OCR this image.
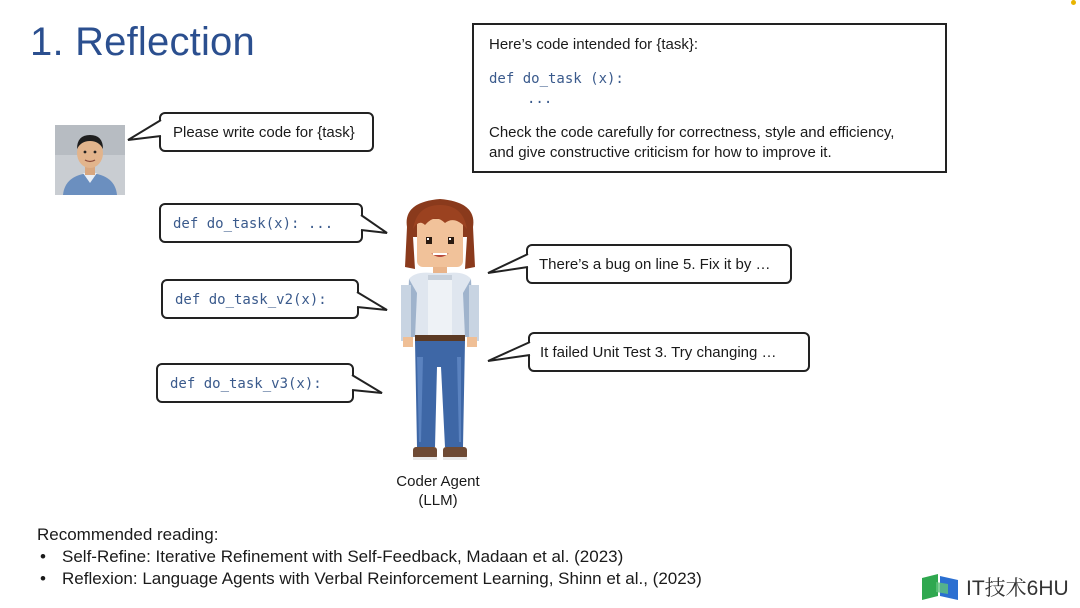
1. Reflection
Please write code for {task}
Here’s code intended for {task}:
def do_task (x):
...
Check the code carefully for correctness, style and efficiency,
and give constructive criticism for how to improve it.
def do_task(x): ...
def do_task_v2(x):
def do_task_v3(x):
There’s a bug on line 5. Fix it by …
It failed Unit Test 3. Try changing …
Coder Agent
(LLM)
Recommended reading:
• Self-Refine: Iterative Refinement with Self-Feedback, Madaan et al. (2023)
• Reflexion: Language Agents with Verbal Reinforcement Learning, Shinn et al., (2023)	IT技术6HU
